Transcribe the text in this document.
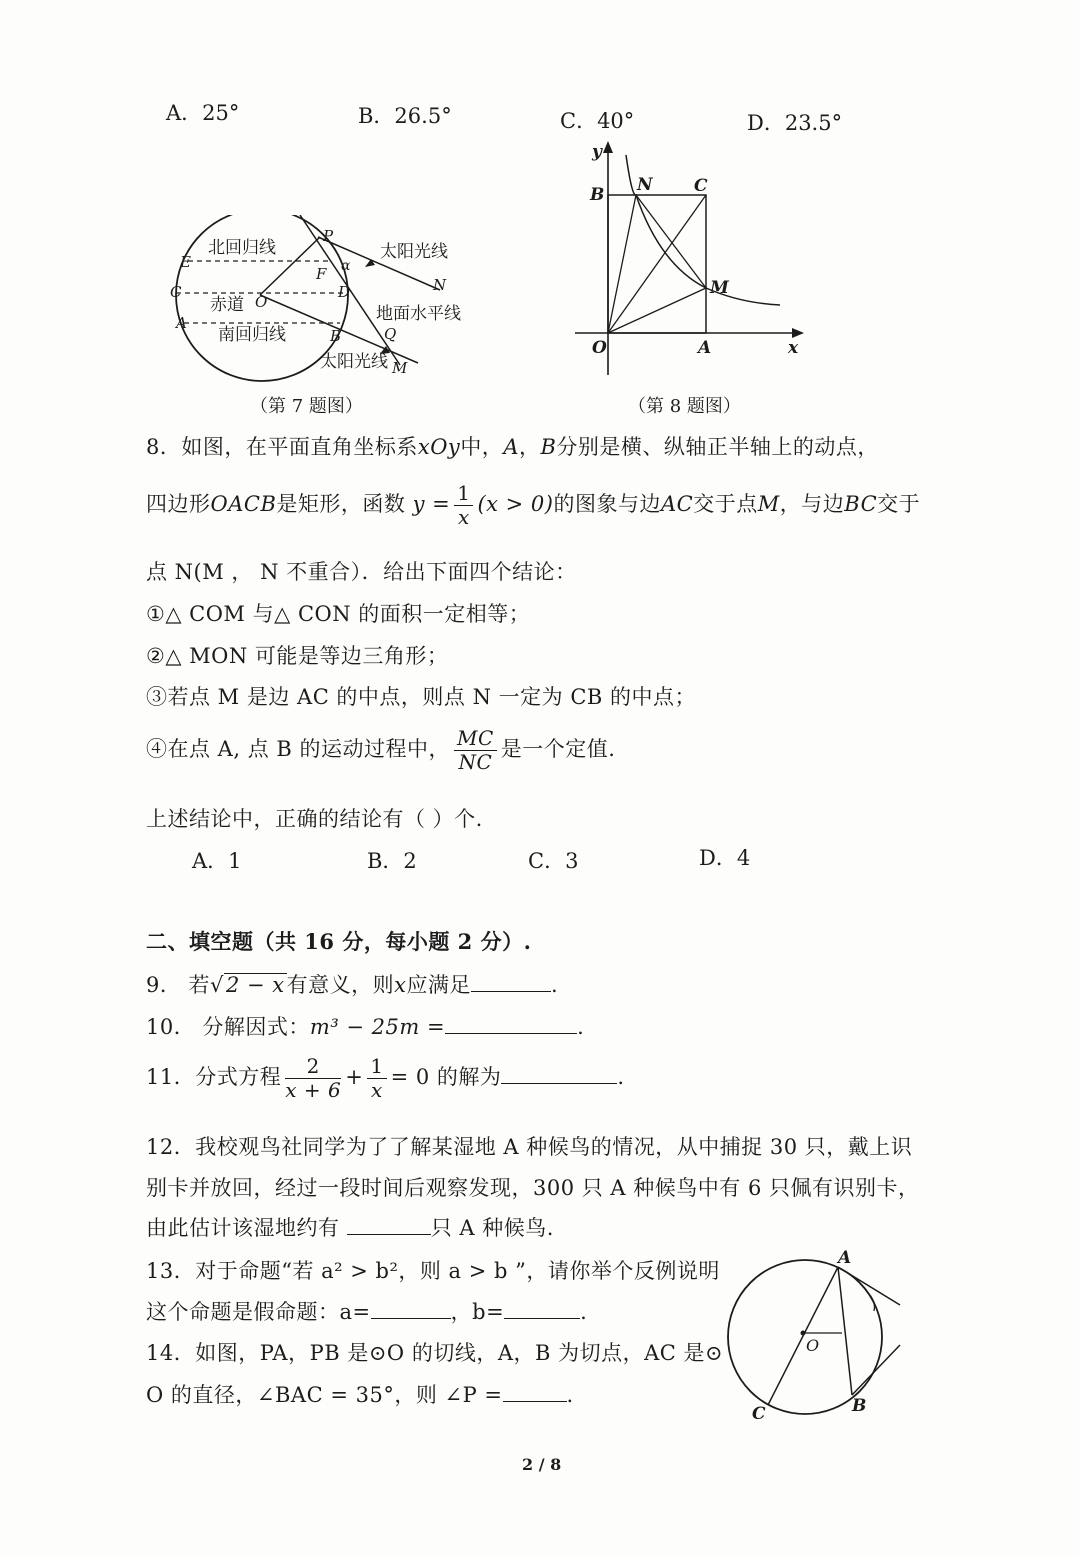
A．25°	B．26.5°	C．40°	D．23.5°
E
C
A
O
P
F α
D	N
B	Q
M
北回归线
赤道
南回归线
太阳光线
地面水平线
太阳光线
（第 7 题图）
y
B N C
M
O	A	x
（第 8 题图）
8．如图，在平面直角坐标系xOy中，A，B分别是横、纵轴正半轴上的动点，
四边形OACB是矩形，函数 $y = \frac{1}{x} (x > 0)$的图象与边AC交于点M，与边BC交于
点 N(M ， N 不重合）．给出下面四个结论：
①△ COM 与△ CON 的面积一定相等；
②△ MON 可能是等边三角形；
③若点 M 是边 AC 的中点，则点 N 一定为 CB 的中点；
④在点 A, 点 B 的运动过程中， $\frac{MC}{NC}$ 是一个定值.
上述结论中，正确的结论有（ ）个.
A．1	B．2	C．3	D．4
二、填空题（共 16 分，每小题 2 分）.
9． 若√2 − x有意义，则x应满足	.
10． 分解因式：m³ − 25m =	.
11．分式方程 $\frac{2}{x + 6} + \frac{1}{x} = 0$ 的解为	.
12．我校观鸟社同学为了了解某湿地 A 种候鸟的情况，从中捕捉 30 只，戴上识
别卡并放回，经过一段时间后观察发现，300 只 A 种候鸟中有 6 只佩有识别卡，
由此估计该湿地约有	只 A 种候鸟.
13．对于命题“若 a² > b²，则 a > b ”，请你举个反例说明
这个命题是假命题：a=	，b=	.
14．如图，PA，PB 是⊙O 的切线，A，B 为切点，AC 是⊙
O 的直径，∠BAC = 35°，则 ∠P =	.
A
O
B
C
2 / 8
